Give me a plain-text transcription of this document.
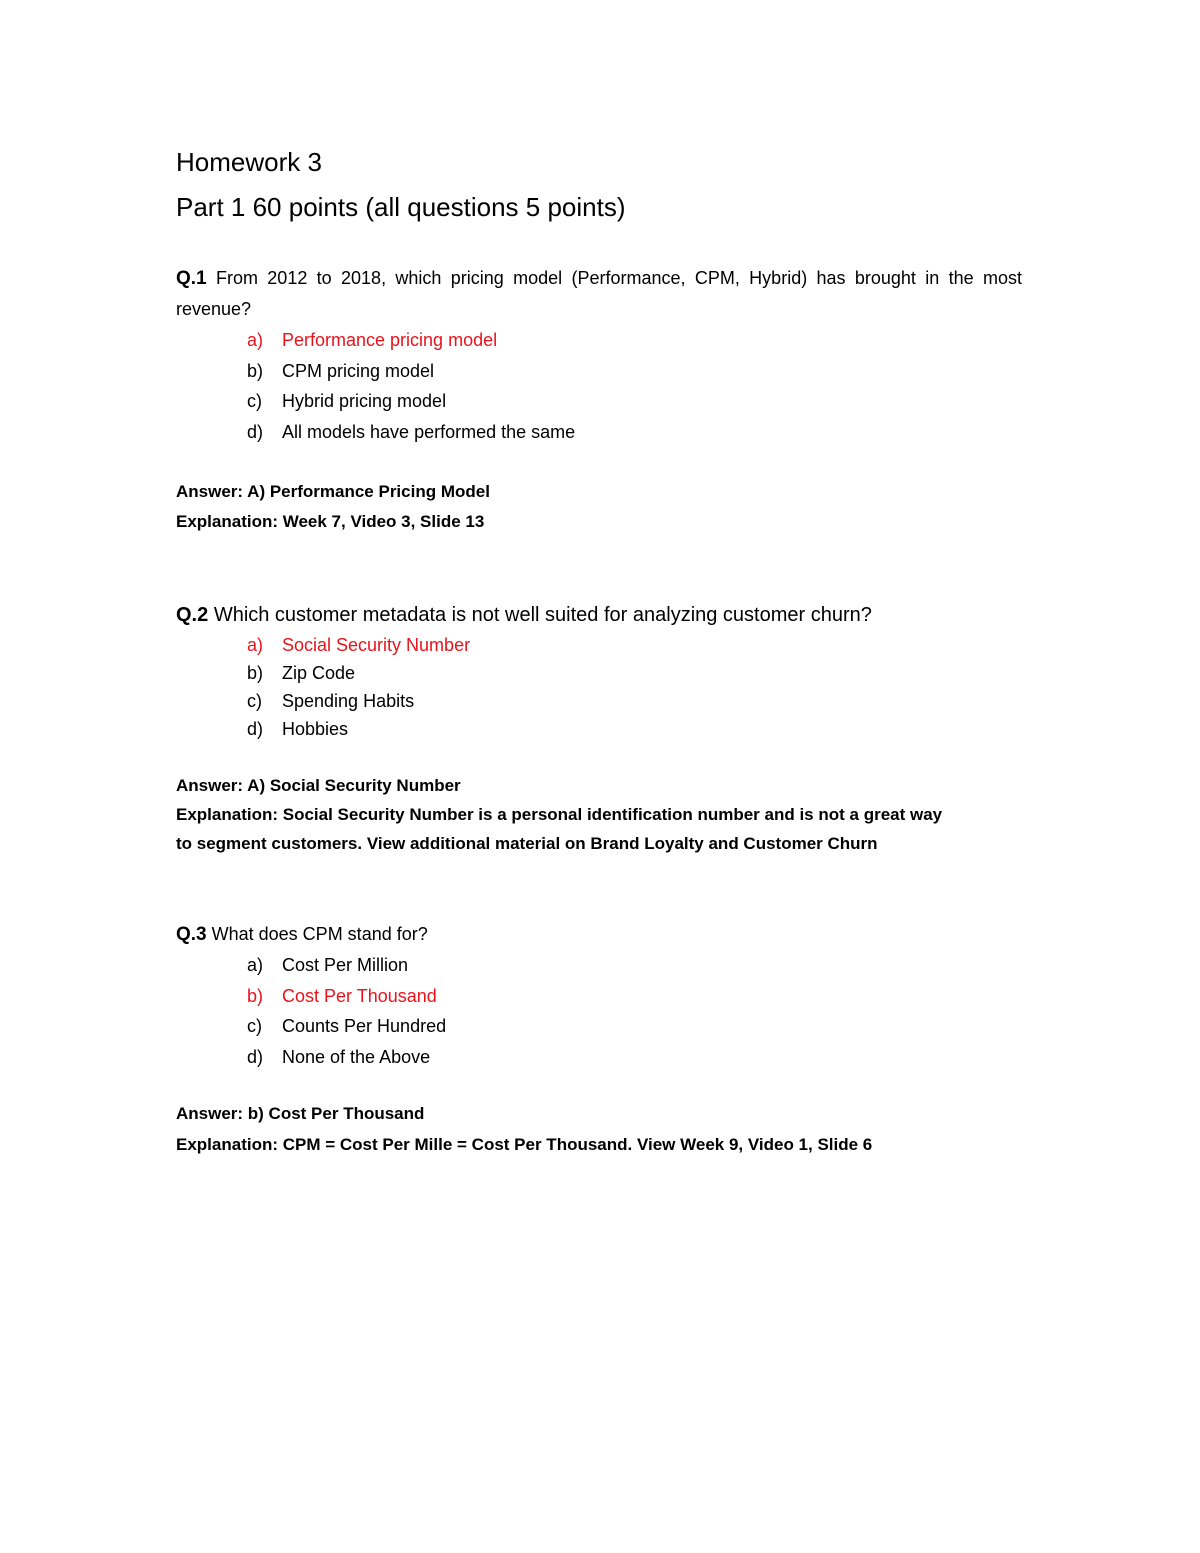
Homework 3
Part 1 60 points (all questions 5 points)
Q.1 From 2012 to 2018, which pricing model (Performance, CPM, Hybrid) has brought in the most revenue?
a) Performance pricing model
b) CPM pricing model
c) Hybrid pricing model
d) All models have performed the same
Answer: A) Performance Pricing Model
Explanation: Week 7, Video 3, Slide 13
Q.2 Which customer metadata is not well suited for analyzing customer churn?
a) Social Security Number
b) Zip Code
c) Spending Habits
d) Hobbies
Answer: A) Social Security Number
Explanation: Social Security Number is a personal identification number and is not a great way
to segment customers. View additional material on Brand Loyalty and Customer Churn
Q.3 What does CPM stand for?
a) Cost Per Million
b) Cost Per Thousand
c) Counts Per Hundred
d) None of the Above
Answer: b) Cost Per Thousand
Explanation: CPM = Cost Per Mille = Cost Per Thousand. View Week 9, Video 1, Slide 6
